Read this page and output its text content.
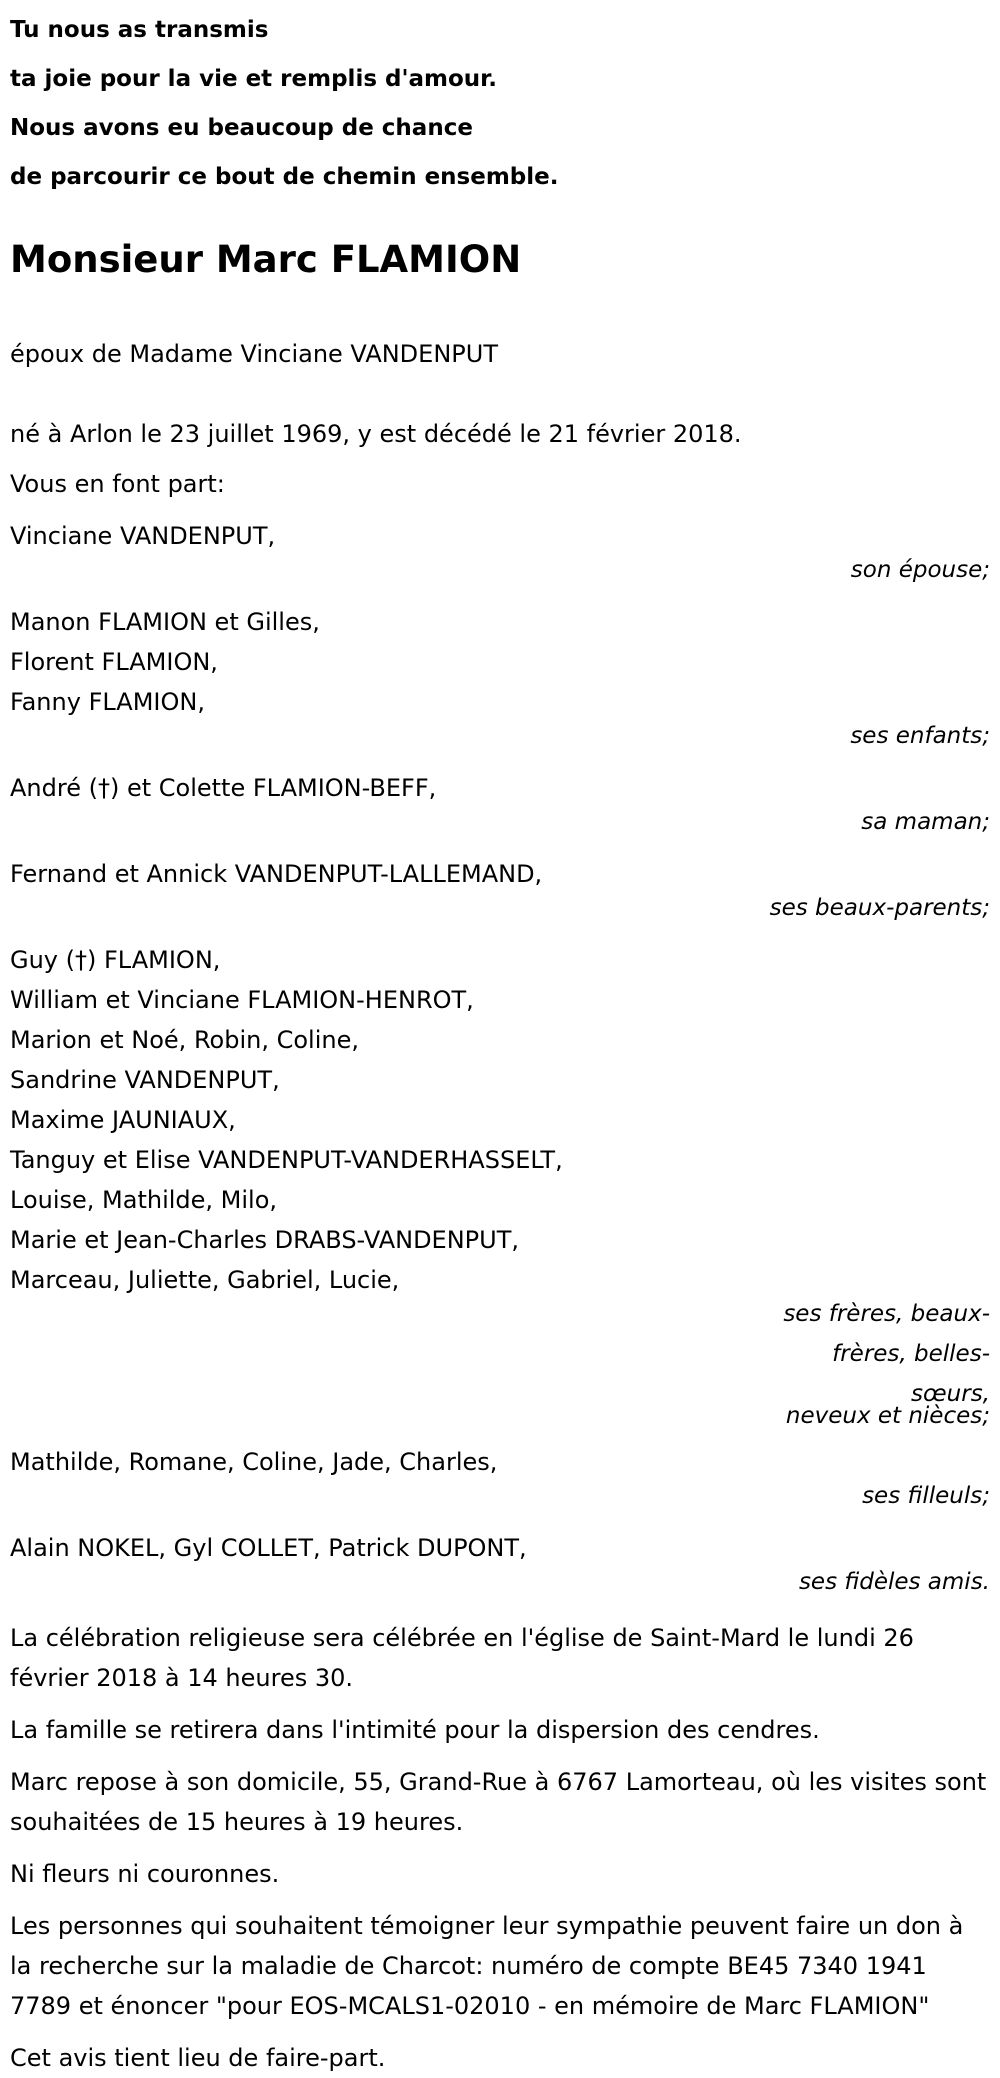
Tu nous as transmis
ta joie pour la vie et remplis d'amour.
Nous avons eu beaucoup de chance
de parcourir ce bout de chemin ensemble.
Monsieur Marc FLAMION
époux de Madame Vinciane VANDENPUT
né à Arlon le 23 juillet 1969, y est décédé le 21 février 2018.
Vous en font part:
Vinciane VANDENPUT,
son épouse;
Manon FLAMION et Gilles,
Florent FLAMION,
Fanny FLAMION,
ses enfants;
André (†) et Colette FLAMION-BEFF,
sa maman;
Fernand et Annick VANDENPUT-LALLEMAND,
ses beaux-parents;
Guy (†) FLAMION,
William et Vinciane FLAMION-HENROT,
Marion et Noé, Robin, Coline,
Sandrine VANDENPUT,
Maxime JAUNIAUX,
Tanguy et Elise VANDENPUT-VANDERHASSELT,
Louise, Mathilde, Milo,
Marie et Jean-Charles DRABS-VANDENPUT,
Marceau, Juliette, Gabriel, Lucie,
ses frères, beaux-frères, belles-sœurs,
neveux et nièces;
Mathilde, Romane, Coline, Jade, Charles,
ses filleuls;
Alain NOKEL, Gyl COLLET, Patrick DUPONT,
ses fidèles amis.
La célébration religieuse sera célébrée en l'église de Saint-Mard le lundi 26 février 2018 à 14 heures 30.
La famille se retirera dans l'intimité pour la dispersion des cendres.
Marc repose à son domicile, 55, Grand-Rue à 6767 Lamorteau, où les visites sont souhaitées de 15 heures à 19 heures.
Ni fleurs ni couronnes.
Les personnes qui souhaitent témoigner leur sympathie peuvent faire un don à la recherche sur la maladie de Charcot: numéro de compte BE45 7340 1941 7789 et énoncer "pour EOS-MCALS1-02010 - en mémoire de Marc FLAMION"
Cet avis tient lieu de faire-part.
